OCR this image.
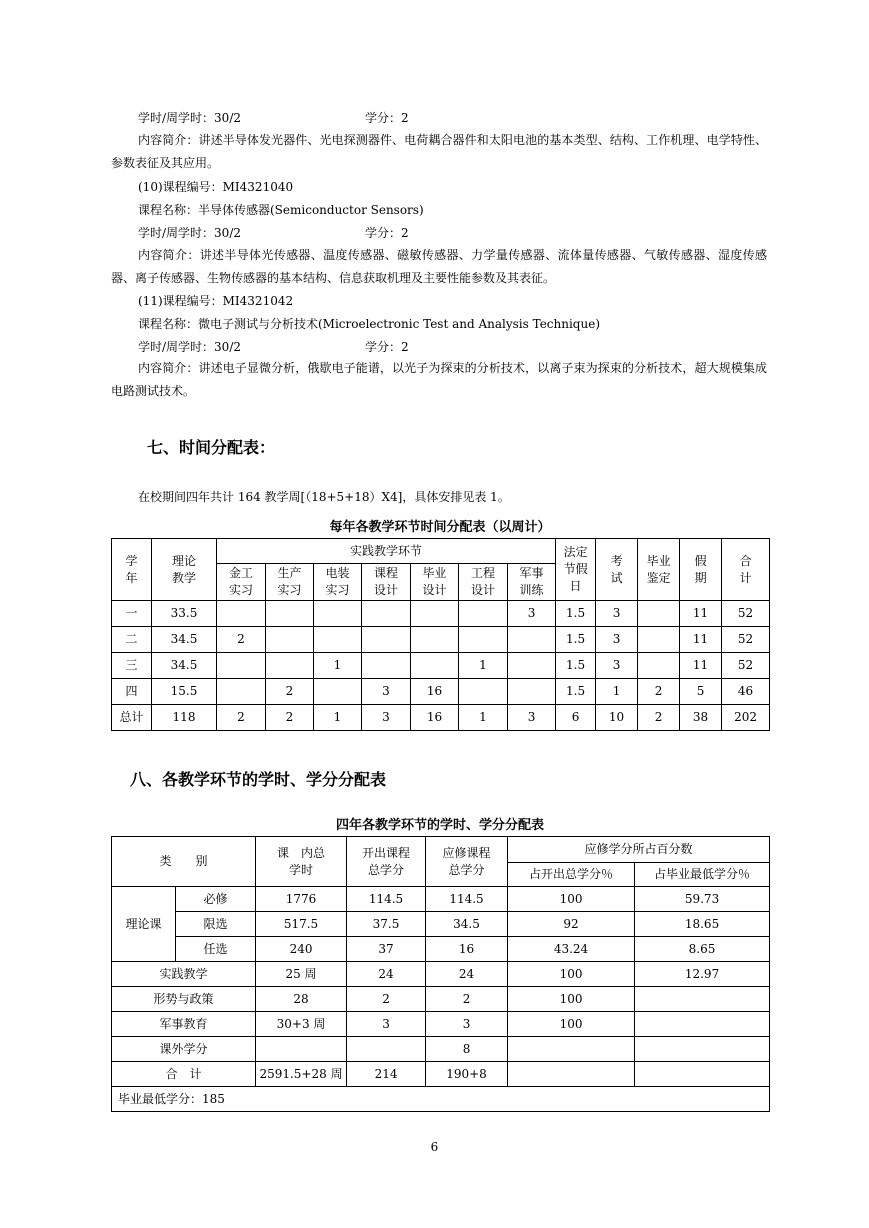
学时/周学时：30/2	学分：2
内容简介：讲述半导体发光器件、光电探测器件、电荷耦合器件和太阳电池的基本类型、结构、工作机理、电学特性、参数表征及其应用。
(10)课程编号：MI4321040
课程名称：半导体传感器(Semiconductor Sensors)
学时/周学时：30/2	学分：2
内容简介：讲述半导体光传感器、温度传感器、磁敏传感器、力学量传感器、流体量传感器、气敏传感器、湿度传感器、离子传感器、生物传感器的基本结构、信息获取机理及主要性能参数及其表征。
(11)课程编号：MI4321042
课程名称：微电子测试与分析技术(Microelectronic Test and Analysis Technique)
学时/周学时：30/2	学分：2
内容简介：讲述电子显微分析，俄歇电子能谱，以光子为探束的分析技术，以离子束为探束的分析技术，超大规模集成电路测试技术。
七、时间分配表：
在校期间四年共计 164 教学周[（18+5+18）X4]，具体安排见表 1。
每年各教学环节时间分配表（以周计）
学年	理论教学	实践教学环节							法定节假日	考试	毕业鉴定	假期	合计

		金工实习	生产实习	电装实习	课程设计	毕业设计	工程设计	军事训练					

一	33.5							3	1.5	3		11	52
二	34.5	2							1.5	3		11	52
三	34.5			1			1		1.5	3		11	52
四	15.5		2		3	16			1.5	1	2	5	46
总计	118	2	2	1	3	16	1	3	6	10	2	38	202
八、各教学环节的学时、学分分配表
四年各教学环节的学时、学分分配表
类　　别		课　内总学时	开出课程总学分	应修课程总学分	应修学分所占百分数	
					占开出总学分％	占毕业最低学分％
理论课	必修	1776	114.5	114.5	100	59.73
	限选	517.5	37.5	34.5	92	18.65
	任选	240	37	16	43.24	8.65
实践教学		25 周	24	24	100	12.97
形势与政策		28	2	2	100	
军事教育		30+3 周	3	3	100	
课外学分				8		
合　计		2591.5+28 周	214	190+8		
毕业最低学分：185						
6
